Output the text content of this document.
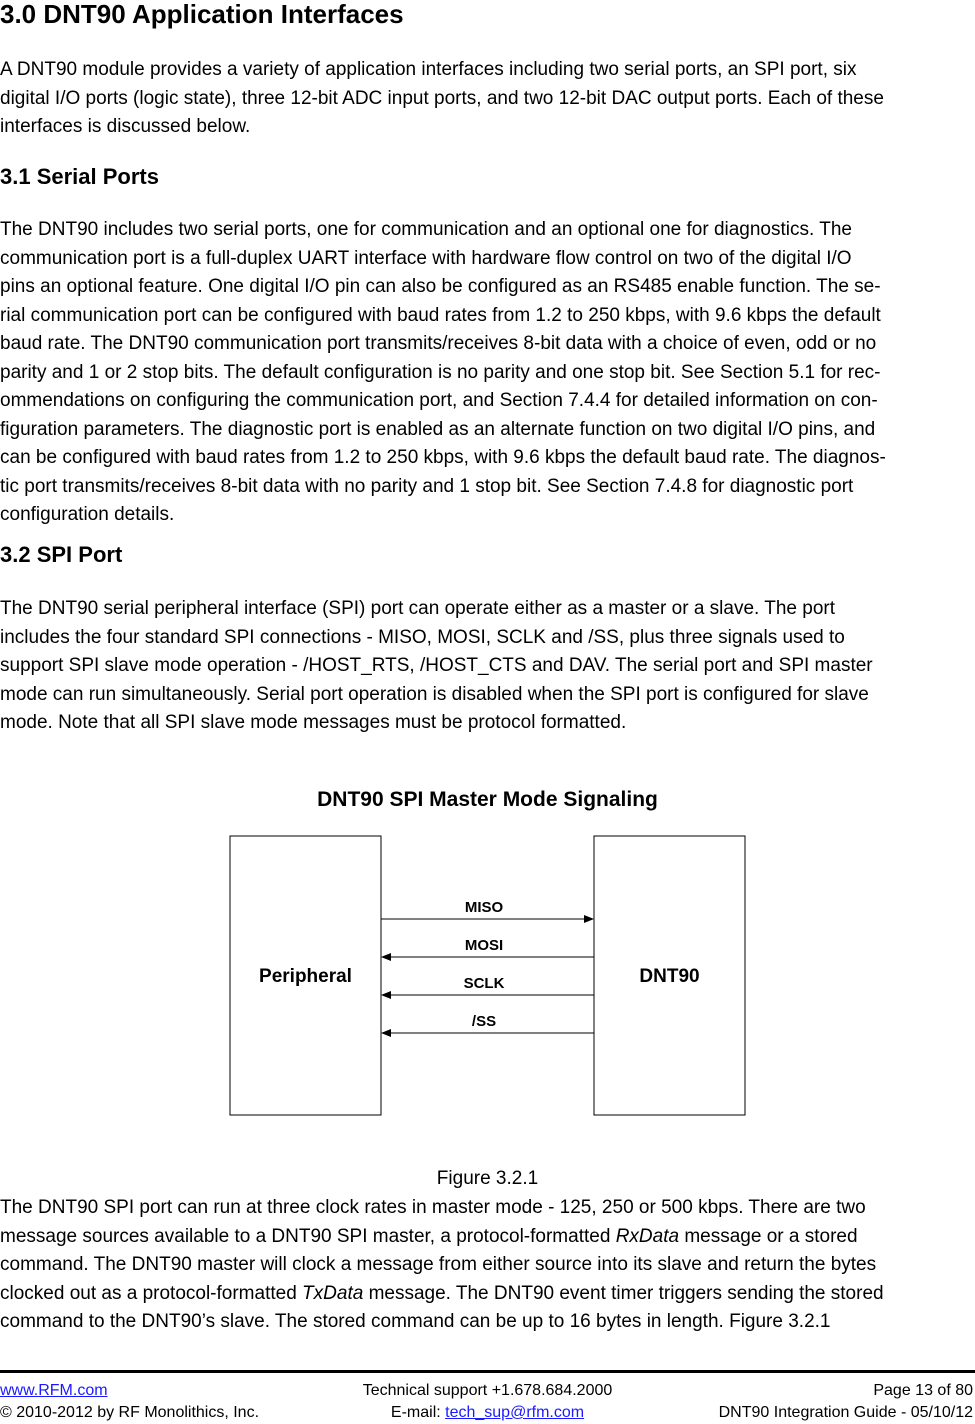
3.0 DNT90 Application Interfaces
A DNT90 module provides a variety of application interfaces including two serial ports, an SPI port, six
digital I/O ports (logic state), three 12-bit ADC input ports, and two 12-bit DAC output ports. Each of these
interfaces is discussed below.
3.1 Serial Ports
The DNT90 includes two serial ports, one for communication and an optional one for diagnostics. The
communication port is a full-duplex UART interface with hardware flow control on two of the digital I/O
pins an optional feature. One digital I/O pin can also be configured as an RS485 enable function. The se-
rial communication port can be configured with baud rates from 1.2 to 250 kbps, with 9.6 kbps the default
baud rate. The DNT90 communication port transmits/receives 8-bit data with a choice of even, odd or no
parity and 1 or 2 stop bits. The default configuration is no parity and one stop bit. See Section 5.1 for rec-
ommendations on configuring the communication port, and Section 7.4.4 for detailed information on con-
figuration parameters. The diagnostic port is enabled as an alternate function on two digital I/O pins, and
can be configured with baud rates from 1.2 to 250 kbps, with 9.6 kbps the default baud rate. The diagnos-
tic port transmits/receives 8-bit data with no parity and 1 stop bit. See Section 7.4.8 for diagnostic port
configuration details.
3.2 SPI Port
The DNT90 serial peripheral interface (SPI) port can operate either as a master or a slave. The port
includes the four standard SPI connections - MISO, MOSI, SCLK and /SS, plus three signals used to
support SPI slave mode operation - /HOST_RTS, /HOST_CTS and DAV. The serial port and SPI master
mode can run simultaneously. Serial port operation is disabled when the SPI port is configured for slave
mode. Note that all SPI slave mode messages must be protocol formatted.
DNT90 SPI Master Mode Signaling
Peripheral	DNT90
MISO
MOSI
SCLK
/SS
Figure 3.2.1
The DNT90 SPI port can run at three clock rates in master mode - 125, 250 or 500 kbps. There are two
message sources available to a DNT90 SPI master, a protocol-formatted RxData message or a stored
command. The DNT90 master will clock a message from either source into its slave and return the bytes
clocked out as a protocol-formatted TxData message. The DNT90 event timer triggers sending the stored
command to the DNT90’s slave. The stored command can be up to 16 bytes in length. Figure 3.2.1
www.RFM.com
© 2010-2012 by RF Monolithics, Inc.
Technical support +1.678.684.2000
E-mail: tech_sup@rfm.com
Page 13 of 80
DNT90 Integration Guide - 05/10/12
